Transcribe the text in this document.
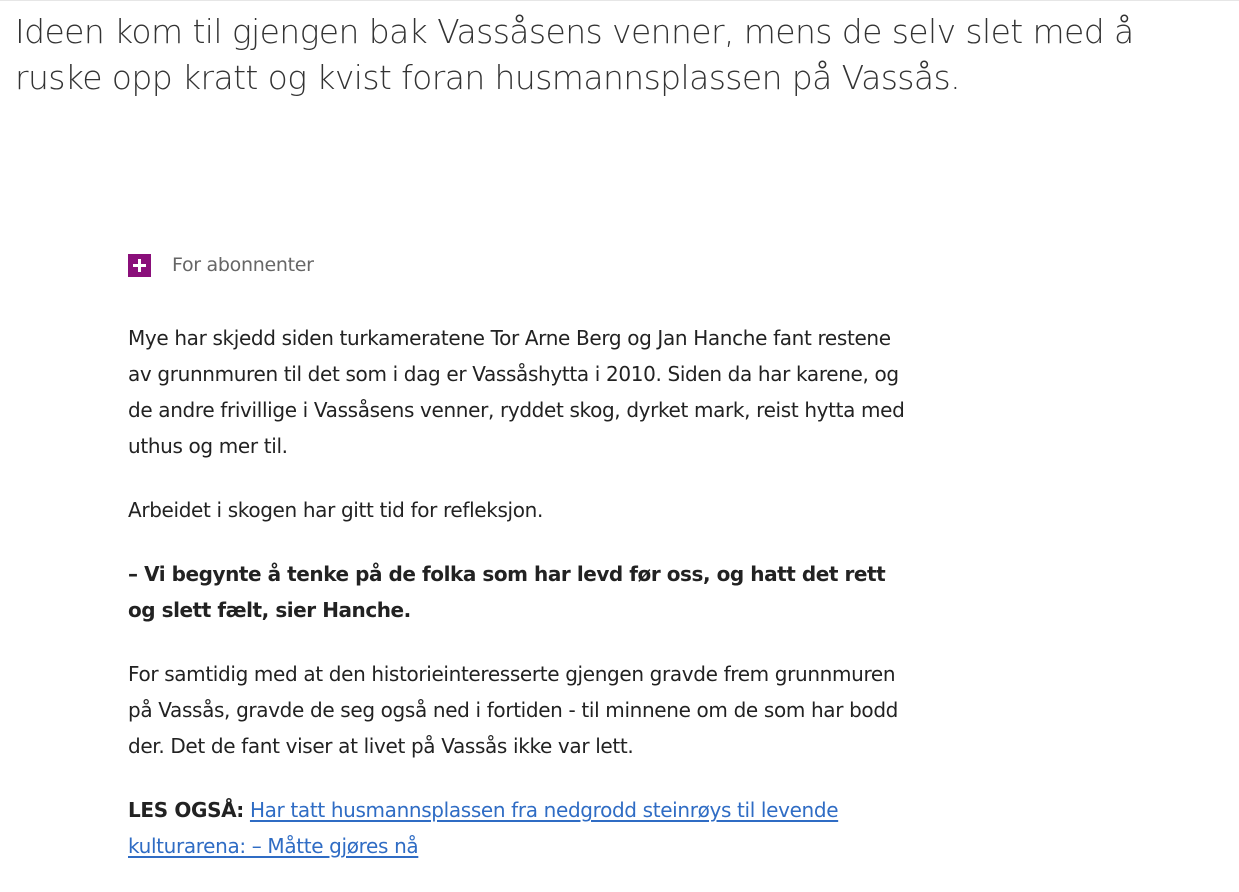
Ideen kom til gjengen bak Vassåsens venner, mens de selv slet med å ruske opp kratt og kvist foran husmannsplassen på Vassås.
For abonnenter

Mye har skjedd siden turkameratene Tor Arne Berg og Jan Hanche fant restene av grunnmuren til det som i dag er Vassåshytta i 2010. Siden da har karene, og de andre frivillige i Vassåsens venner, ryddet skog, dyrket mark, reist hytta med uthus og mer til.

Arbeidet i skogen har gitt tid for refleksjon.

– Vi begynte å tenke på de folka som har levd før oss, og hatt det rett og slett fælt, sier Hanche.

For samtidig med at den historieinteresserte gjengen gravde frem grunnmuren på Vassås, gravde de seg også ned i fortiden - til minnene om de som har bodd der. Det de fant viser at livet på Vassås ikke var lett.

LES OGSÅ: Har tatt husmannsplassen fra nedgrodd steinrøys til levende kulturarena: – Måtte gjøres nå
